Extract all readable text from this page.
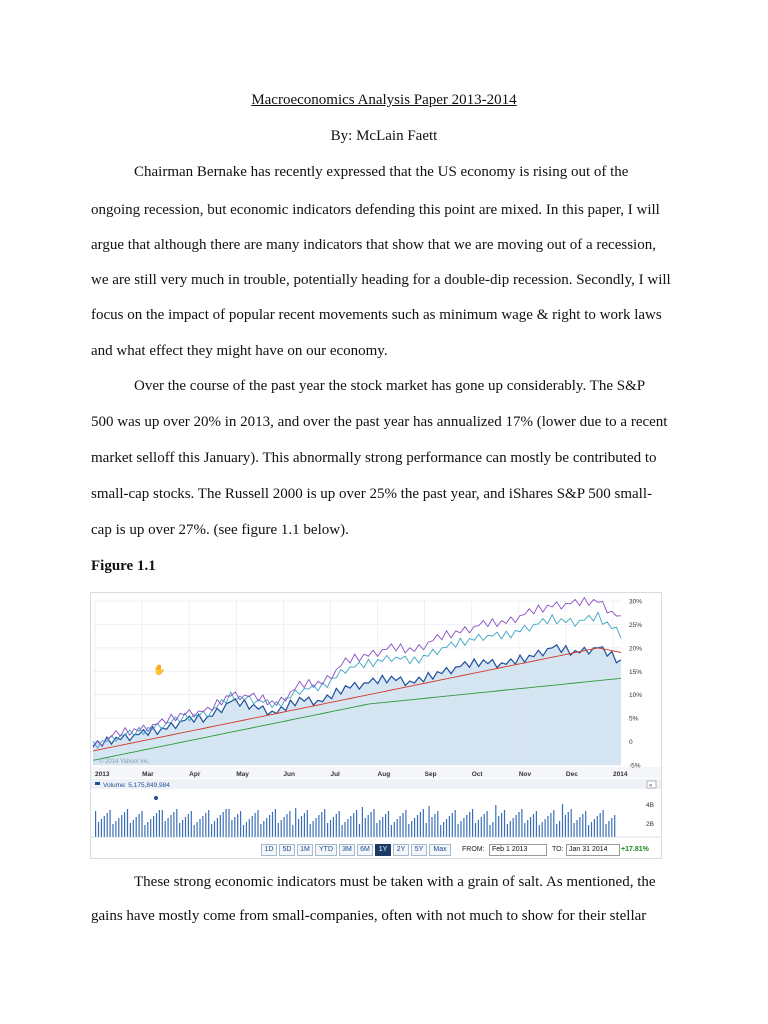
Macroeconomics Analysis Paper 2013-2014
By: McLain Faett
Chairman Bernake has recently expressed that the US economy is rising out of the
ongoing recession, but economic indicators defending this point are mixed. In this paper, I will
argue that although there are many indicators that show that we are moving out of a recession,
we are still very much in trouble, potentially heading for a double-dip recession. Secondly, I will
focus on the impact of popular recent movements such as minimum wage & right to work laws
and what effect they might have on our economy.
Over the course of the past year the stock market has gone up considerably. The S&P
500 was up over 20% in 2013, and over the past year has annualized 17% (lower due to a recent
market selloff this January). This abnormally strong performance can mostly be contributed to
small-cap stocks. The Russell 2000 is up over 25% the past year, and iShares S&P 500 small-
cap is up over 27%. (see figure 1.1 below).
Figure 1.1
© 2014 Yahoo! Inc.
2013	Mar	Apr	May	Jun	Jul	Aug	Sep	Oct	Nov	Dec	2014
30%
25%
20%
15%
10%
5%
0
-5%
Volume: 5,175,849,984	«
4B
2B
✋
1D	5D	1M	YTD	3M	6M	1Y	2Y	5Y	Max	FROM:	Feb 1 2013	TO: Jan 31 2014	+17.81%
These strong economic indicators must be taken with a grain of salt. As mentioned, the
gains have mostly come from small-companies, often with not much to show for their stellar
